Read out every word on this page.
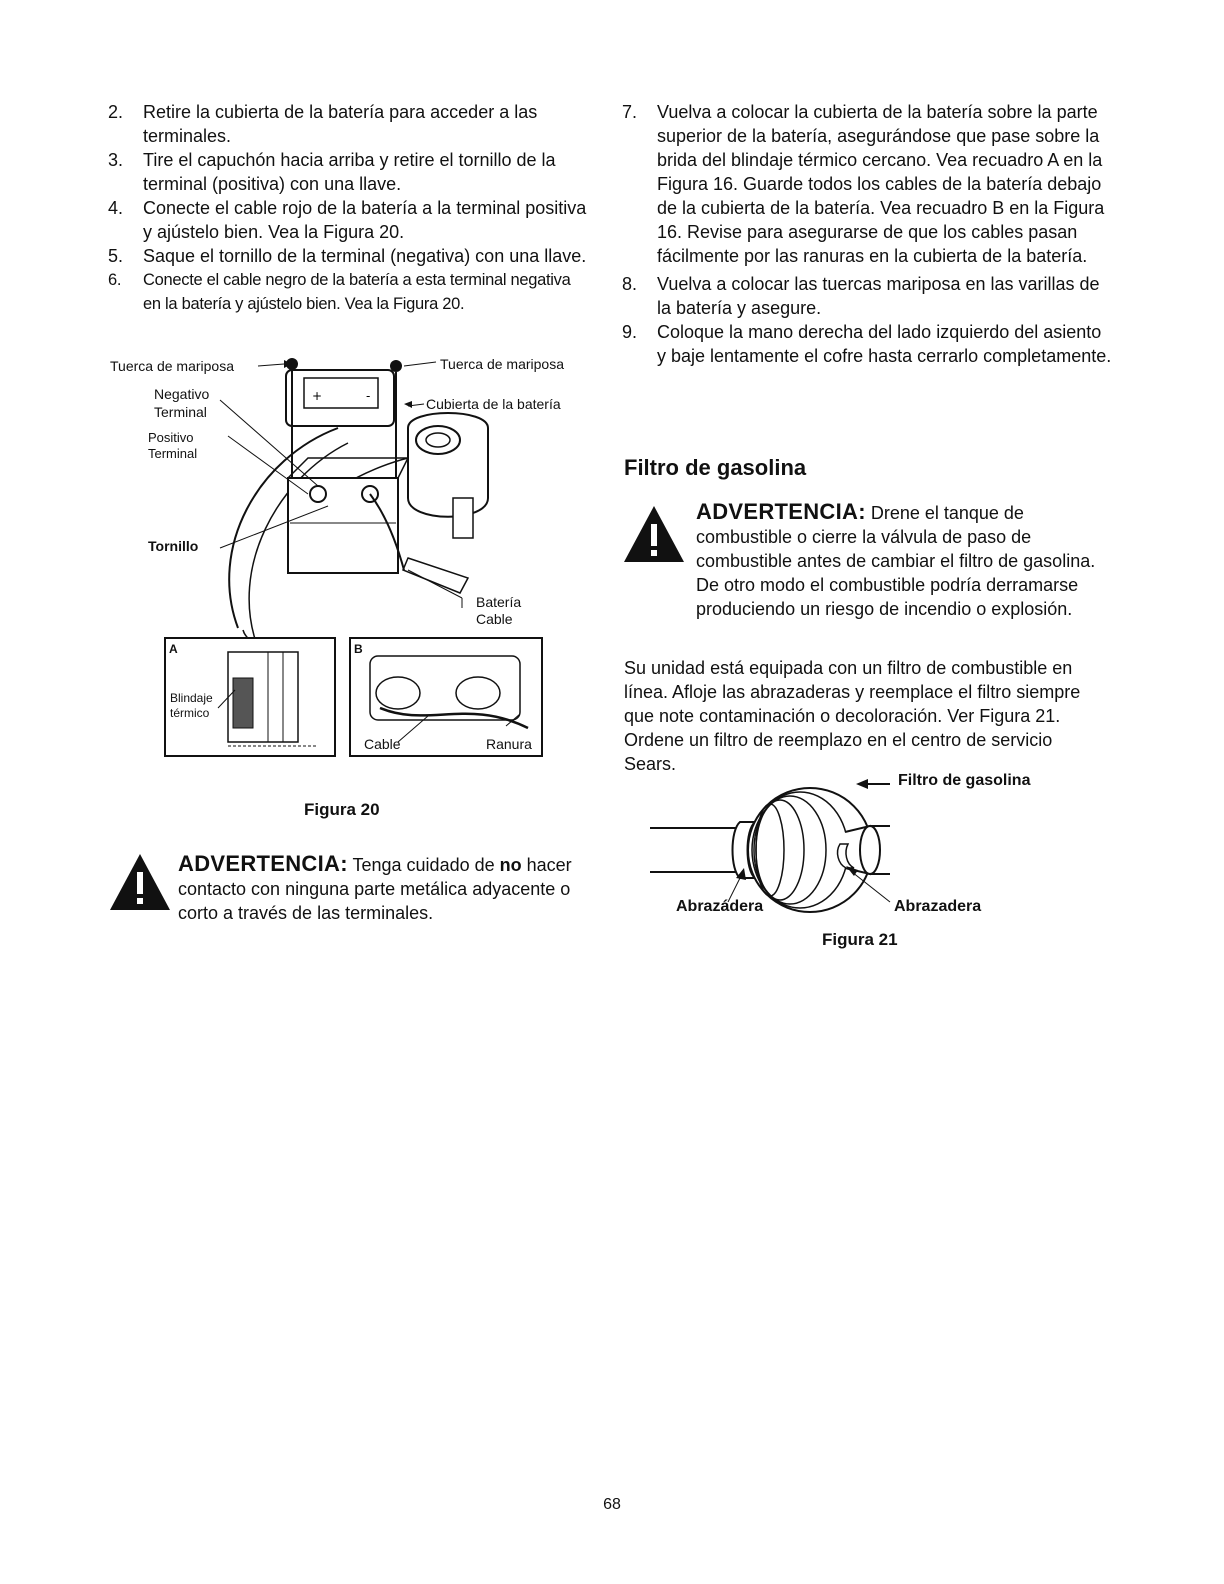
2. Retire la cubierta de la batería para acceder a las terminales.
3. Tire el capuchón hacia arriba y retire el tornillo de la terminal (positiva) con una llave.
4. Conecte el cable rojo de la batería a la terminal positiva y ajústelo bien. Vea la Figura 20.
5. Saque el tornillo de la terminal (negativa) con una llave.
6. Conecte el cable negro de la batería a esta terminal negativa en la batería y ajústelo bien. Vea la Figura 20.
+	-
Tuerca de mariposa	Tuerca de mariposa
Negativo
Terminal	Cubierta de la batería
Positivo
Terminal
Tornillo
Batería
Cable
A
Blindaje
térmico
B
Cable	Ranura
Figura 20
ADVERTENCIA: Tenga cuidado de no hacer contacto con ninguna parte metálica adyacente o corto a través de las terminales.
7. Vuelva a colocar la cubierta de la batería sobre la parte superior de la batería, asegurándose que pase sobre la brida del blindaje térmico cercano. Vea recuadro A en la Figura 16. Guarde todos los cables de la batería debajo de la cubierta de la batería. Vea recuadro B en la Figura 16. Revise para asegurarse de que los cables pasan fácilmente por las ranuras en la cubierta de la batería.
8. Vuelva a colocar las tuercas mariposa en las varillas de la batería y asegure.
9. Coloque la mano derecha del lado izquierdo del asiento y baje lentamente el cofre hasta cerrarlo completamente.
Filtro de gasolina
ADVERTENCIA: Drene el tanque de combustible o cierre la válvula de paso de combustible antes de cambiar el filtro de gasolina. De otro modo el combustible podría derramarse produciendo un riesgo de incendio o explosión.
Su unidad está equipada con un filtro de combustible en línea. Afloje las abrazaderas y reemplace el filtro siempre que note contaminación o decoloración. Ver Figura 21. Ordene un filtro de reemplazo en el centro de servicio Sears.
Filtro de gasolina
Abrazádera	Abrazadera
Figura 21
68
